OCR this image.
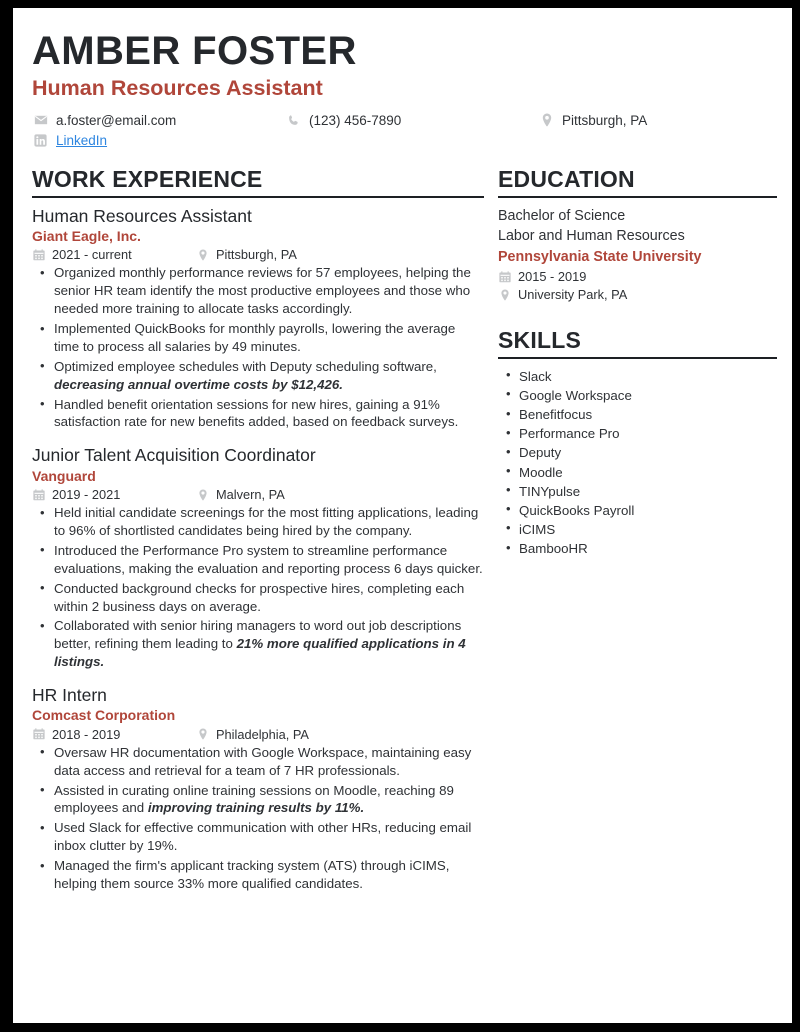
AMBER FOSTER
Human Resources Assistant
a.foster@email.com	(123) 456-7890	Pittsburgh, PA
LinkedIn
WORK EXPERIENCE
Human Resources Assistant
Giant Eagle, Inc.
2021 - current	Pittsburgh, PA
• Organized monthly performance reviews for 57 employees, helping the senior HR team identify the most productive employees and those who needed more training to allocate tasks accordingly.
• Implemented QuickBooks for monthly payrolls, lowering the average time to process all salaries by 49 minutes.
• Optimized employee schedules with Deputy scheduling software, decreasing annual overtime costs by $12,426.
• Handled benefit orientation sessions for new hires, gaining a 91% satisfaction rate for new benefits added, based on feedback surveys.
Junior Talent Acquisition Coordinator
Vanguard
2019 - 2021	Malvern, PA
• Held initial candidate screenings for the most fitting applications, leading to 96% of shortlisted candidates being hired by the company.
• Introduced the Performance Pro system to streamline performance evaluations, making the evaluation and reporting process 6 days quicker.
• Conducted background checks for prospective hires, completing each within 2 business days on average.
• Collaborated with senior hiring managers to word out job descriptions better, refining them leading to 21% more qualified applications in 4 listings.
HR Intern
Comcast Corporation
2018 - 2019	Philadelphia, PA
• Oversaw HR documentation with Google Workspace, maintaining easy data access and retrieval for a team of 7 HR professionals.
• Assisted in curating online training sessions on Moodle, reaching 89 employees and improving training results by 11%.
• Used Slack for effective communication with other HRs, reducing email inbox clutter by 19%.
• Managed the firm's applicant tracking system (ATS) through iCIMS, helping them source 33% more qualified candidates.
EDUCATION
Bachelor of Science
Labor and Human Resources
Pennsylvania State University
2015 - 2019
University Park, PA
SKILLS
• Slack
• Google Workspace
• Benefitfocus
• Performance Pro
• Deputy
• Moodle
• TINYpulse
• QuickBooks Payroll
• iCIMS
• BambooHR
